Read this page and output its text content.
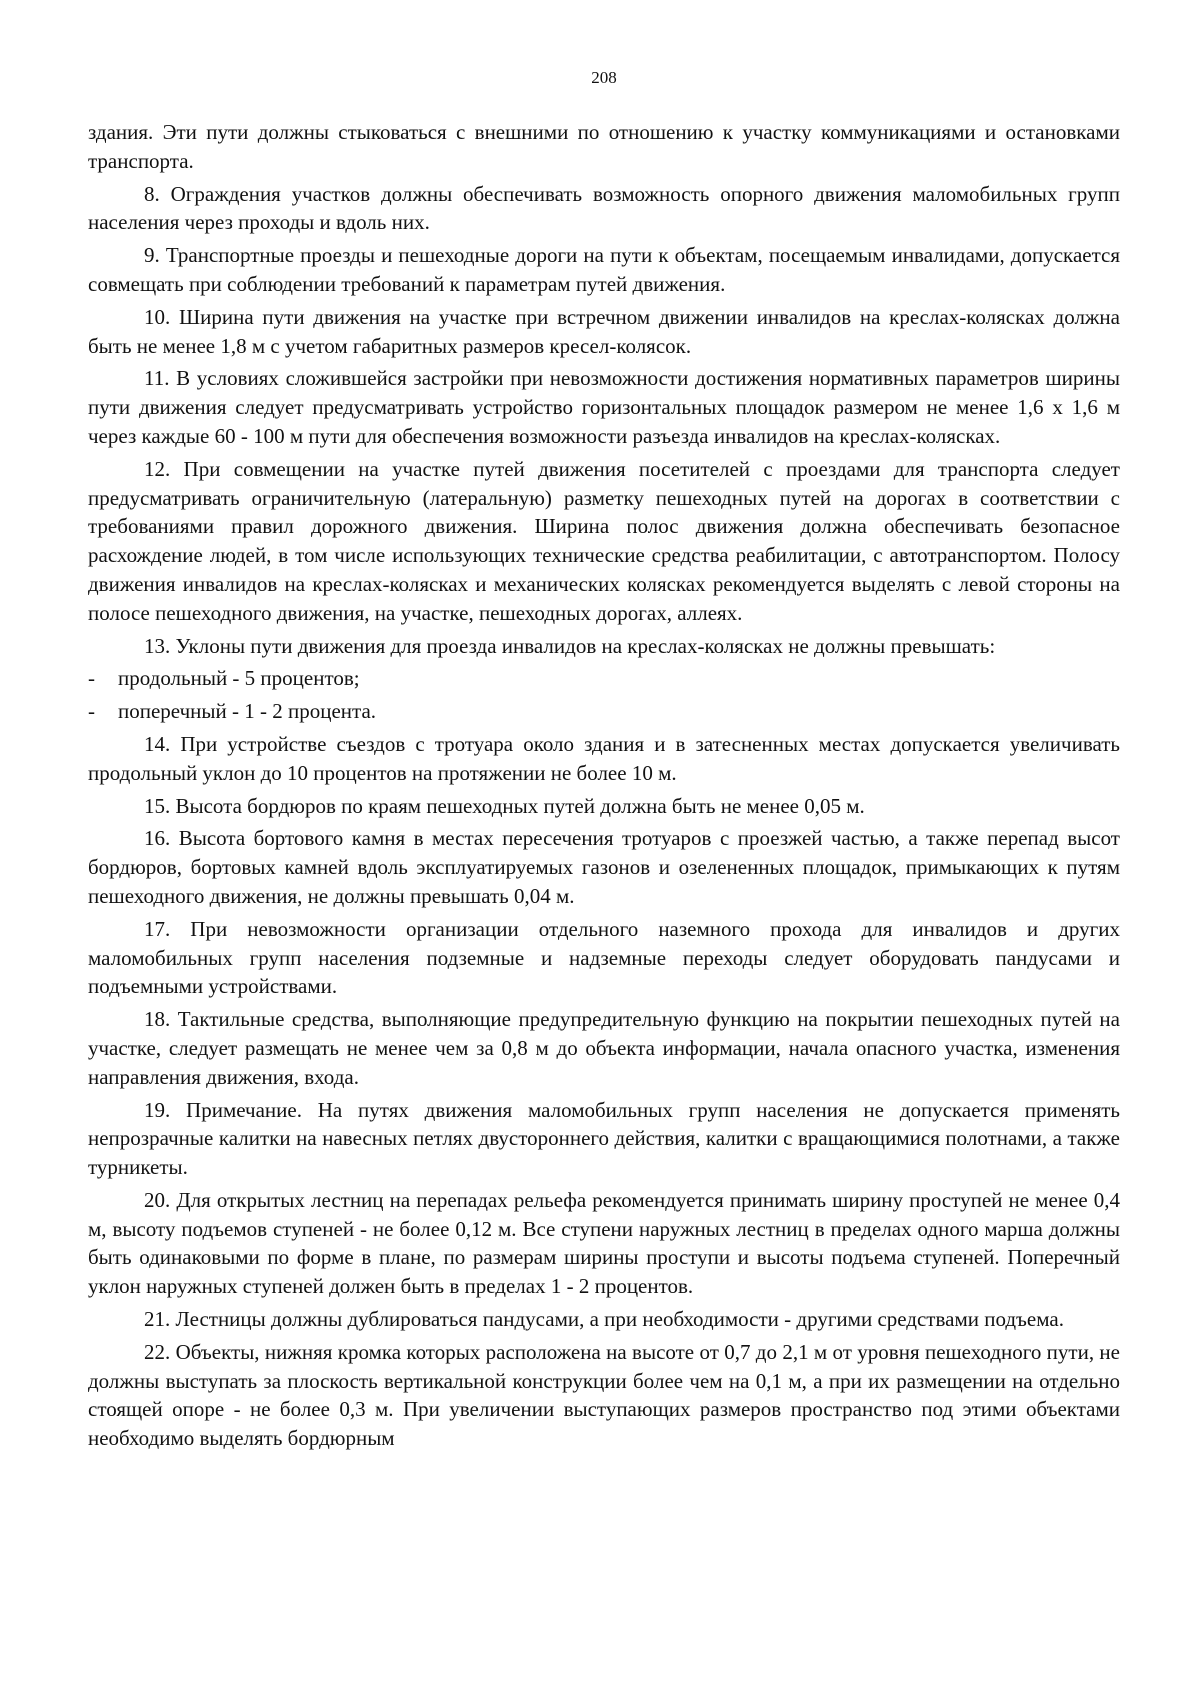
208

здания. Эти пути должны стыковаться с внешними по отношению к участку коммуникациями и остановками транспорта.

8. Ограждения участков должны обеспечивать возможность опорного движения маломобильных групп населения через проходы и вдоль них.

9. Транспортные проезды и пешеходные дороги на пути к объектам, посещаемым инвалидами, допускается совмещать при соблюдении требований к параметрам путей движения.

10. Ширина пути движения на участке при встречном движении инвалидов на креслах-колясках должна быть не менее 1,8 м с учетом габаритных размеров кресел-колясок.

11. В условиях сложившейся застройки при невозможности достижения нормативных параметров ширины пути движения следует предусматривать устройство горизонтальных площадок размером не менее 1,6 х 1,6 м через каждые 60 - 100 м пути для обеспечения возможности разъезда инвалидов на креслах-колясках.

12. При совмещении на участке путей движения посетителей с проездами для транспорта следует предусматривать ограничительную (латеральную) разметку пешеходных путей на дорогах в соответствии с требованиями правил дорожного движения. Ширина полос движения должна обеспечивать безопасное расхождение людей, в том числе использующих технические средства реабилитации, с автотранспортом. Полосу движения инвалидов на креслах-колясках и механических колясках рекомендуется выделять с левой стороны на полосе пешеходного движения, на участке, пешеходных дорогах, аллеях.

13. Уклоны пути движения для проезда инвалидов на креслах-колясках не должны превышать:

- продольный - 5 процентов;

- поперечный - 1 - 2 процента.

14. При устройстве съездов с тротуара около здания и в затесненных местах допускается увеличивать продольный уклон до 10 процентов на протяжении не более 10 м.

15. Высота бордюров по краям пешеходных путей должна быть не менее 0,05 м.

16. Высота бортового камня в местах пересечения тротуаров с проезжей частью, а также перепад высот бордюров, бортовых камней вдоль эксплуатируемых газонов и озелененных площадок, примыкающих к путям пешеходного движения, не должны превышать 0,04 м.

17. При невозможности организации отдельного наземного прохода для инвалидов и других маломобильных групп населения подземные и надземные переходы следует оборудовать пандусами и подъемными устройствами.

18. Тактильные средства, выполняющие предупредительную функцию на покрытии пешеходных путей на участке, следует размещать не менее чем за 0,8 м до объекта информации, начала опасного участка, изменения направления движения, входа.

19. Примечание. На путях движения маломобильных групп населения не допускается применять непрозрачные калитки на навесных петлях двустороннего действия, калитки с вращающимися полотнами, а также турникеты.

20. Для открытых лестниц на перепадах рельефа рекомендуется принимать ширину проступей не менее 0,4 м, высоту подъемов ступеней - не более 0,12 м. Все ступени наружных лестниц в пределах одного марша должны быть одинаковыми по форме в плане, по размерам ширины проступи и высоты подъема ступеней. Поперечный уклон наружных ступеней должен быть в пределах 1 - 2 процентов.

21. Лестницы должны дублироваться пандусами, а при необходимости - другими средствами подъема.

22. Объекты, нижняя кромка которых расположена на высоте от 0,7 до 2,1 м от уровня пешеходного пути, не должны выступать за плоскость вертикальной конструкции более чем на 0,1 м, а при их размещении на отдельно стоящей опоре - не более 0,3 м. При увеличении выступающих размеров пространство под этими объектами необходимо выделять бордюрным
